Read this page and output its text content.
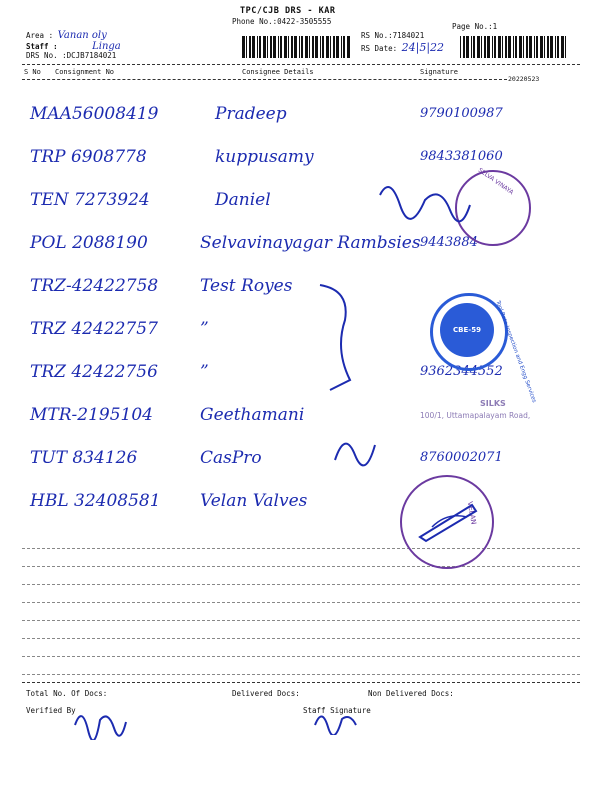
TPC/CJB DRS - KAR
Phone No.:0422-3505555
Page No.:1
Area : Vanan oly
Staff :	Linga
DRS No. :DCJB7184021
RS No.:7184021
RS Date: 24|5|22
S No Consignment No	Consignee Details	Signature
20220523
MAA56008419	Pradeep	9790100987
TRP 6908778	kuppusamy	9843381060
TEN 7273924	Daniel
POL 2088190	Selvavinayagar Rambsies 9443884
TRZ-42422758 Test Royes
TRZ 42422757 ”
TRZ 42422756 ”	9362344552
MTR-2195104	Geethamani
TUT 834126	CasPro	8760002071
HBL 32408581 Velan Valves
SELVA VINAYA
CBE-59	Tool Rate Inspection and Engg Services
SILKS
100/1, Uttamapalayam Road,
VELAN
Total No. Of Docs:	Delivered Docs:	Non Delivered Docs:
Verified By	Staff Signature
